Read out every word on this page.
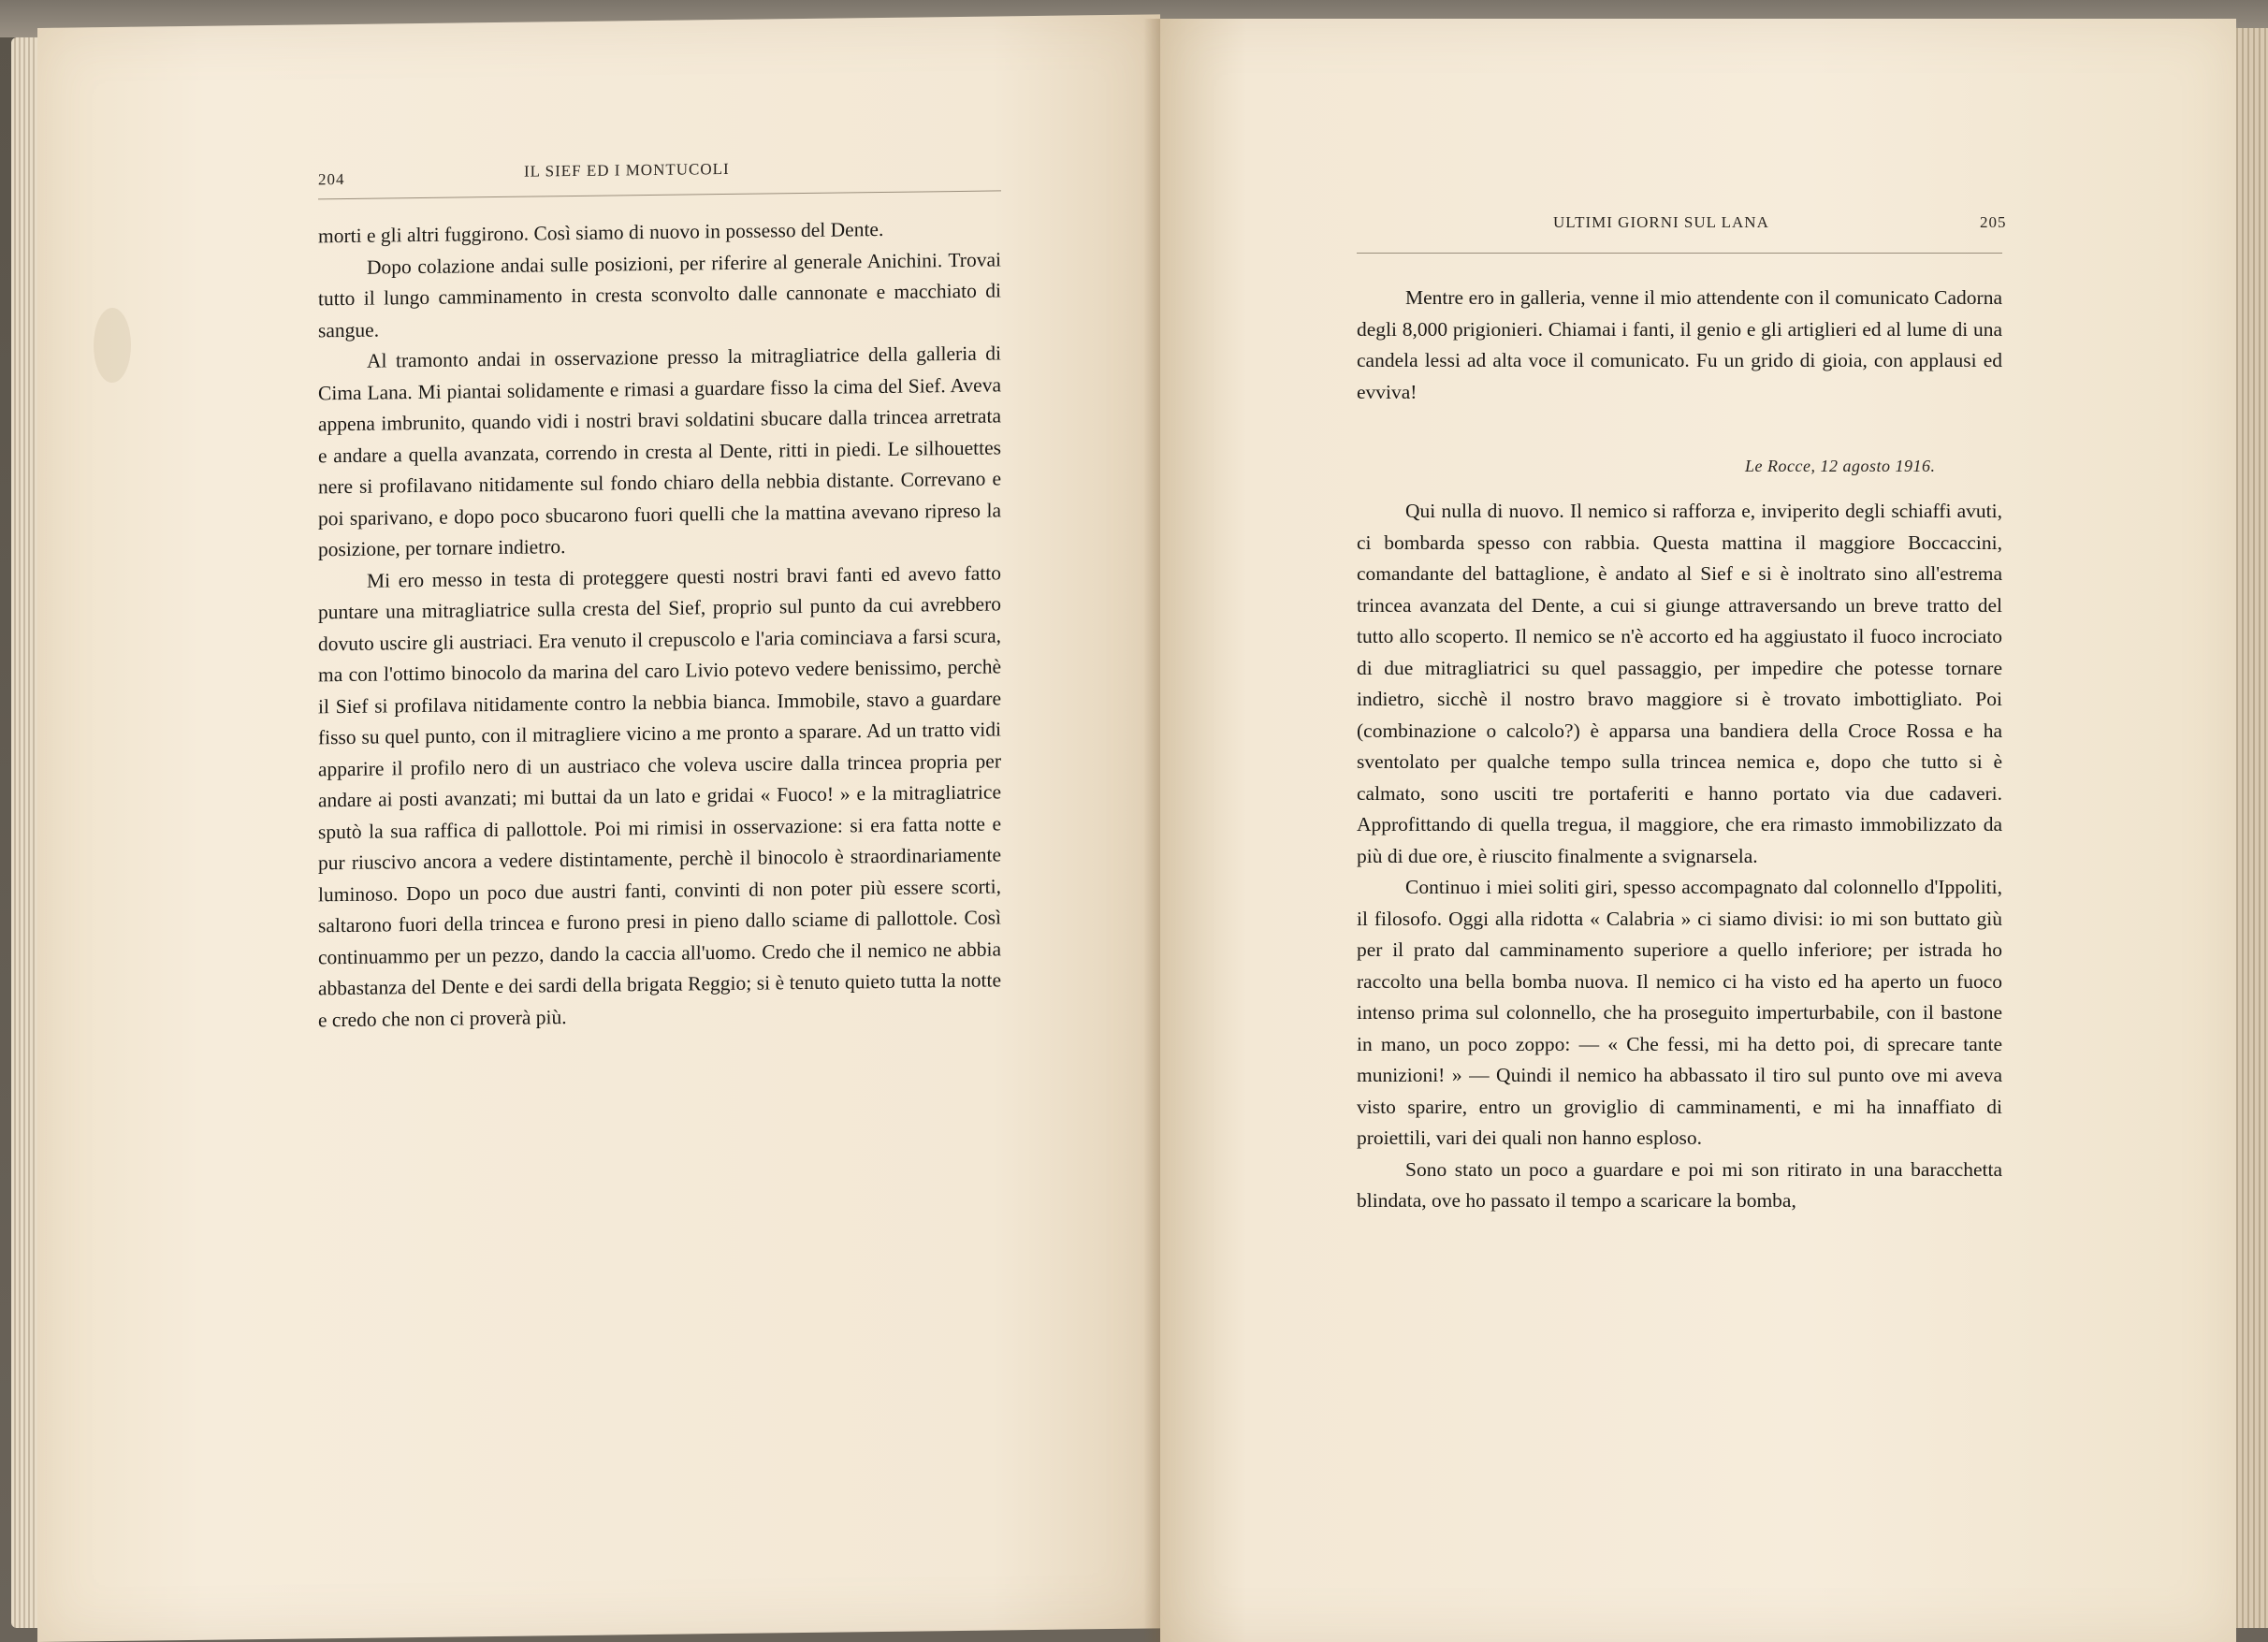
204	IL SIEF ED I MONTUCOLI

morti e gli altri fuggirono. Così siamo di nuovo in possesso del Dente.

Dopo colazione andai sulle posizioni, per riferire al generale Anichini. Trovai tutto il lungo camminamento in cresta sconvolto dalle cannonate e macchiato di sangue.

Al tramonto andai in osservazione presso la mitragliatrice della galleria di Cima Lana. Mi piantai solidamente e rimasi a guardare fisso la cima del Sief. Aveva appena imbrunito, quando vidi i nostri bravi soldatini sbucare dalla trincea arretrata e andare a quella avanzata, correndo in cresta al Dente, ritti in piedi. Le silhouettes nere si profilavano nitidamente sul fondo chiaro della nebbia distante. Correvano e poi sparivano, e dopo poco sbucarono fuori quelli che la mattina avevano ripreso la posizione, per tornare indietro.

Mi ero messo in testa di proteggere questi nostri bravi fanti ed avevo fatto puntare una mitragliatrice sulla cresta del Sief, proprio sul punto da cui avrebbero dovuto uscire gli austriaci. Era venuto il crepuscolo e l'aria cominciava a farsi scura, ma con l'ottimo binocolo da marina del caro Livio potevo vedere benissimo, perchè il Sief si profilava nitidamente contro la nebbia bianca. Immobile, stavo a guardare fisso su quel punto, con il mitragliere vicino a me pronto a sparare. Ad un tratto vidi apparire il profilo nero di un austriaco che voleva uscire dalla trincea propria per andare ai posti avanzati; mi buttai da un lato e gridai « Fuoco! » e la mitragliatrice sputò la sua raffica di pallottole. Poi mi rimisi in osservazione: si era fatta notte e pur riuscivo ancora a vedere distintamente, perchè il binocolo è straordinariamente luminoso. Dopo un poco due austri fanti, convinti di non poter più essere scorti, saltarono fuori della trincea e furono presi in pieno dallo sciame di pallottole. Così continuammo per un pezzo, dando la caccia all'uomo. Credo che il nemico ne abbia abbastanza del Dente e dei sardi della brigata Reggio; si è tenuto quieto tutta la notte e credo che non ci proverà più.

ULTIMI GIORNI SUL LANA	205

Mentre ero in galleria, venne il mio attendente con il comunicato Cadorna degli 8,000 prigionieri. Chiamai i fanti, il genio e gli artiglieri ed al lume di una candela lessi ad alta voce il comunicato. Fu un grido di gioia, con applausi ed evviva!

Le Rocce, 12 agosto 1916.

Qui nulla di nuovo. Il nemico si rafforza e, inviperito degli schiaffi avuti, ci bombarda spesso con rabbia. Questa mattina il maggiore Boccaccini, comandante del battaglione, è andato al Sief e si è inoltrato sino all'estrema trincea avanzata del Dente, a cui si giunge attraversando un breve tratto del tutto allo scoperto. Il nemico se n'è accorto ed ha aggiustato il fuoco incrociato di due mitragliatrici su quel passaggio, per impedire che potesse tornare indietro, sicchè il nostro bravo maggiore si è trovato imbottigliato. Poi (combinazione o calcolo?) è apparsa una bandiera della Croce Rossa e ha sventolato per qualche tempo sulla trincea nemica e, dopo che tutto si è calmato, sono usciti tre portaferiti e hanno portato via due cadaveri. Approfittando di quella tregua, il maggiore, che era rimasto immobilizzato da più di due ore, è riuscito finalmente a svignarsela.

Continuo i miei soliti giri, spesso accompagnato dal colonnello d'Ippoliti, il filosofo. Oggi alla ridotta « Calabria » ci siamo divisi: io mi son buttato giù per il prato dal camminamento superiore a quello inferiore; per istrada ho raccolto una bella bomba nuova. Il nemico ci ha visto ed ha aperto un fuoco intenso prima sul colonnello, che ha proseguito imperturbabile, con il bastone in mano, un poco zoppo: — « Che fessi, mi ha detto poi, di sprecare tante munizioni! » — Quindi il nemico ha abbassato il tiro sul punto ove mi aveva visto sparire, entro un groviglio di camminamenti, e mi ha innaffiato di proiettili, vari dei quali non hanno esploso.

Sono stato un poco a guardare e poi mi son ritirato in una baracchetta blindata, ove ho passato il tempo a scaricare la bomba,
